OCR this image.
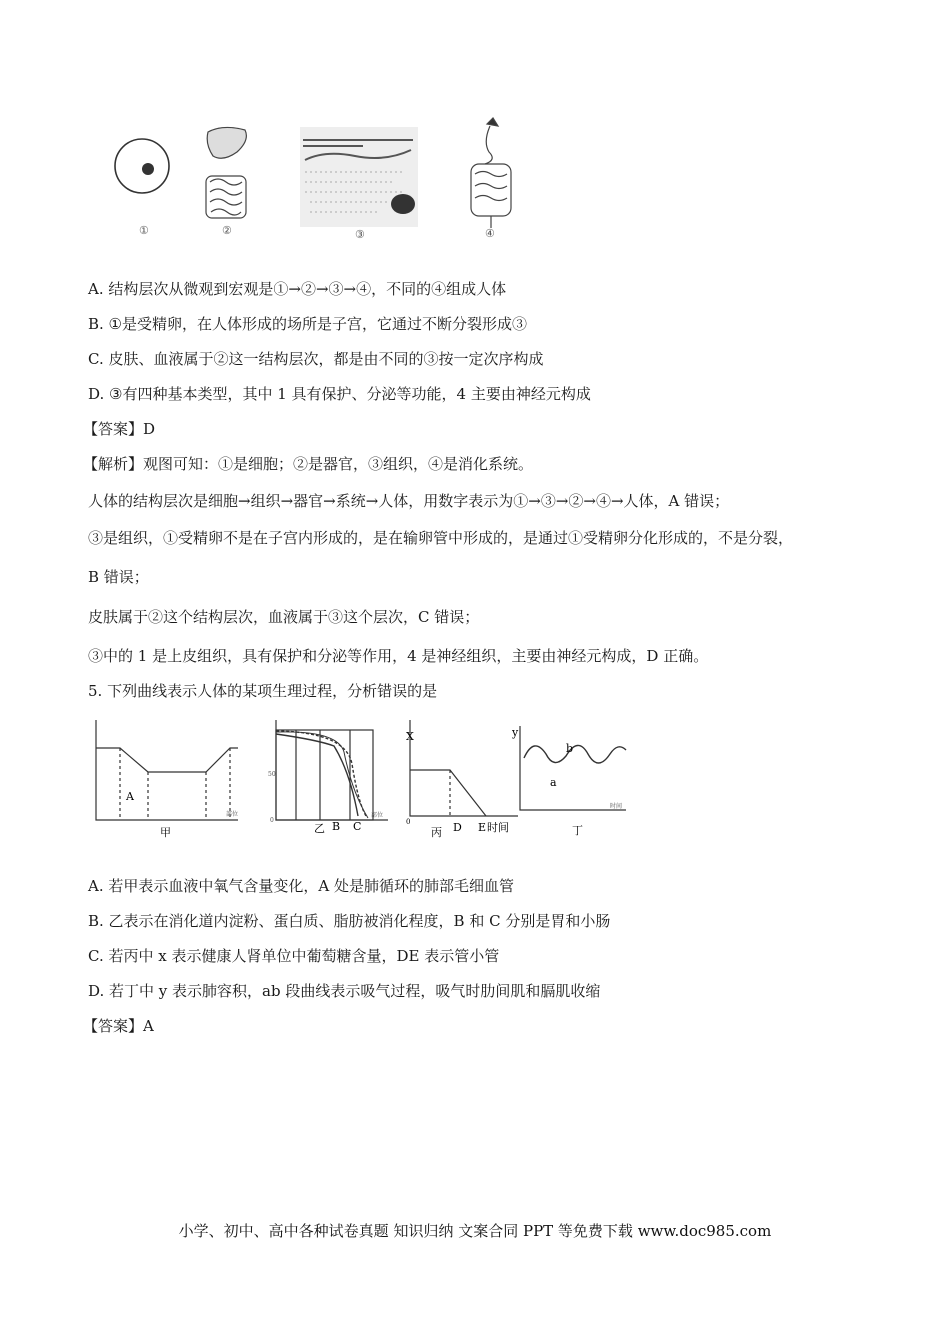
①	②	③	④
A. 结构层次从微观到宏观是①→②→③→④，不同的④组成人体
B. ①是受精卵，在人体形成的场所是子宫，它通过不断分裂形成③
C. 皮肤、血液属于②这一结构层次，都是由不同的③按一定次序构成
D. ③有四种基本类型，其中 1 具有保护、分泌等功能，4 主要由神经元构成
【答案】D
【解析】观图可知：①是细胞；②是器官，③组织，④是消化系统。
人体的结构层次是细胞→组织→器官→系统→人体，用数字表示为①→③→②→④→人体，A 错误；
③是组织，①受精卵不是在子宫内形成的，是在输卵管中形成的，是通过①受精卵分化形成的，不是分裂，
B 错误；
皮肤属于②这个结构层次，血液属于③这个层次，C 错误；
③中的 1 是上皮组织，具有保护和分泌等作用，4 是神经组织，主要由神经元构成，D 正确。
5. 下列曲线表示人体的某项生理过程，分析错误的是
A
部位
甲
50
0	B C
部位
乙
X
0	D E 时间
丙
y
a
b
时间
丁
A. 若甲表示血液中氧气含量变化，A 处是肺循环的肺部毛细血管
B. 乙表示在消化道内淀粉、蛋白质、脂肪被消化程度，B 和 C 分别是胃和小肠
C. 若丙中 x 表示健康人肾单位中葡萄糖含量，DE 表示管小管
D. 若丁中 y 表示肺容积，ab 段曲线表示吸气过程，吸气时肋间肌和膈肌收缩
【答案】A
小学、初中、高中各种试卷真题 知识归纳 文案合同 PPT 等免费下载 www.doc985.com
